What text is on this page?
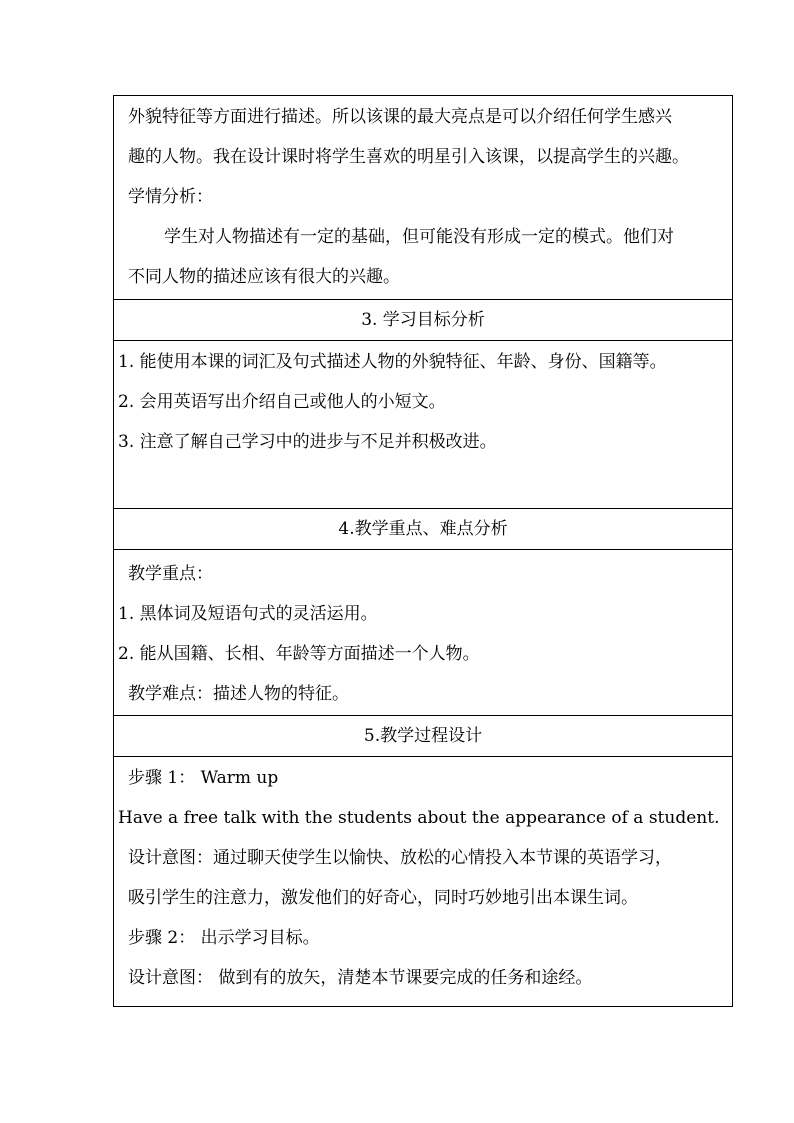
外貌特征等方面进行描述。所以该课的最大亮点是可以介绍任何学生感兴
趣的人物。我在设计课时将学生喜欢的明星引入该课，以提高学生的兴趣。
学情分析：
学生对人物描述有一定的基础，但可能没有形成一定的模式。他们对
不同人物的描述应该有很大的兴趣。

3. 学习目标分析

1. 能使用本课的词汇及句式描述人物的外貌特征、年龄、身份、国籍等。
2. 会用英语写出介绍自己或他人的小短文。
3. 注意了解自己学习中的进步与不足并积极改进。

4.教学重点、难点分析

教学重点：
1. 黑体词及短语句式的灵活运用。
2. 能从国籍、长相、年龄等方面描述一个人物。
教学难点：描述人物的特征。

5.教学过程设计

步骤 1： Warm up
Have a free talk with the students about the appearance of a student.
设计意图：通过聊天使学生以愉快、放松的心情投入本节课的英语学习，
吸引学生的注意力，激发他们的好奇心，同时巧妙地引出本课生词。
步骤 2： 出示学习目标。
设计意图： 做到有的放矢，清楚本节课要完成的任务和途经。
